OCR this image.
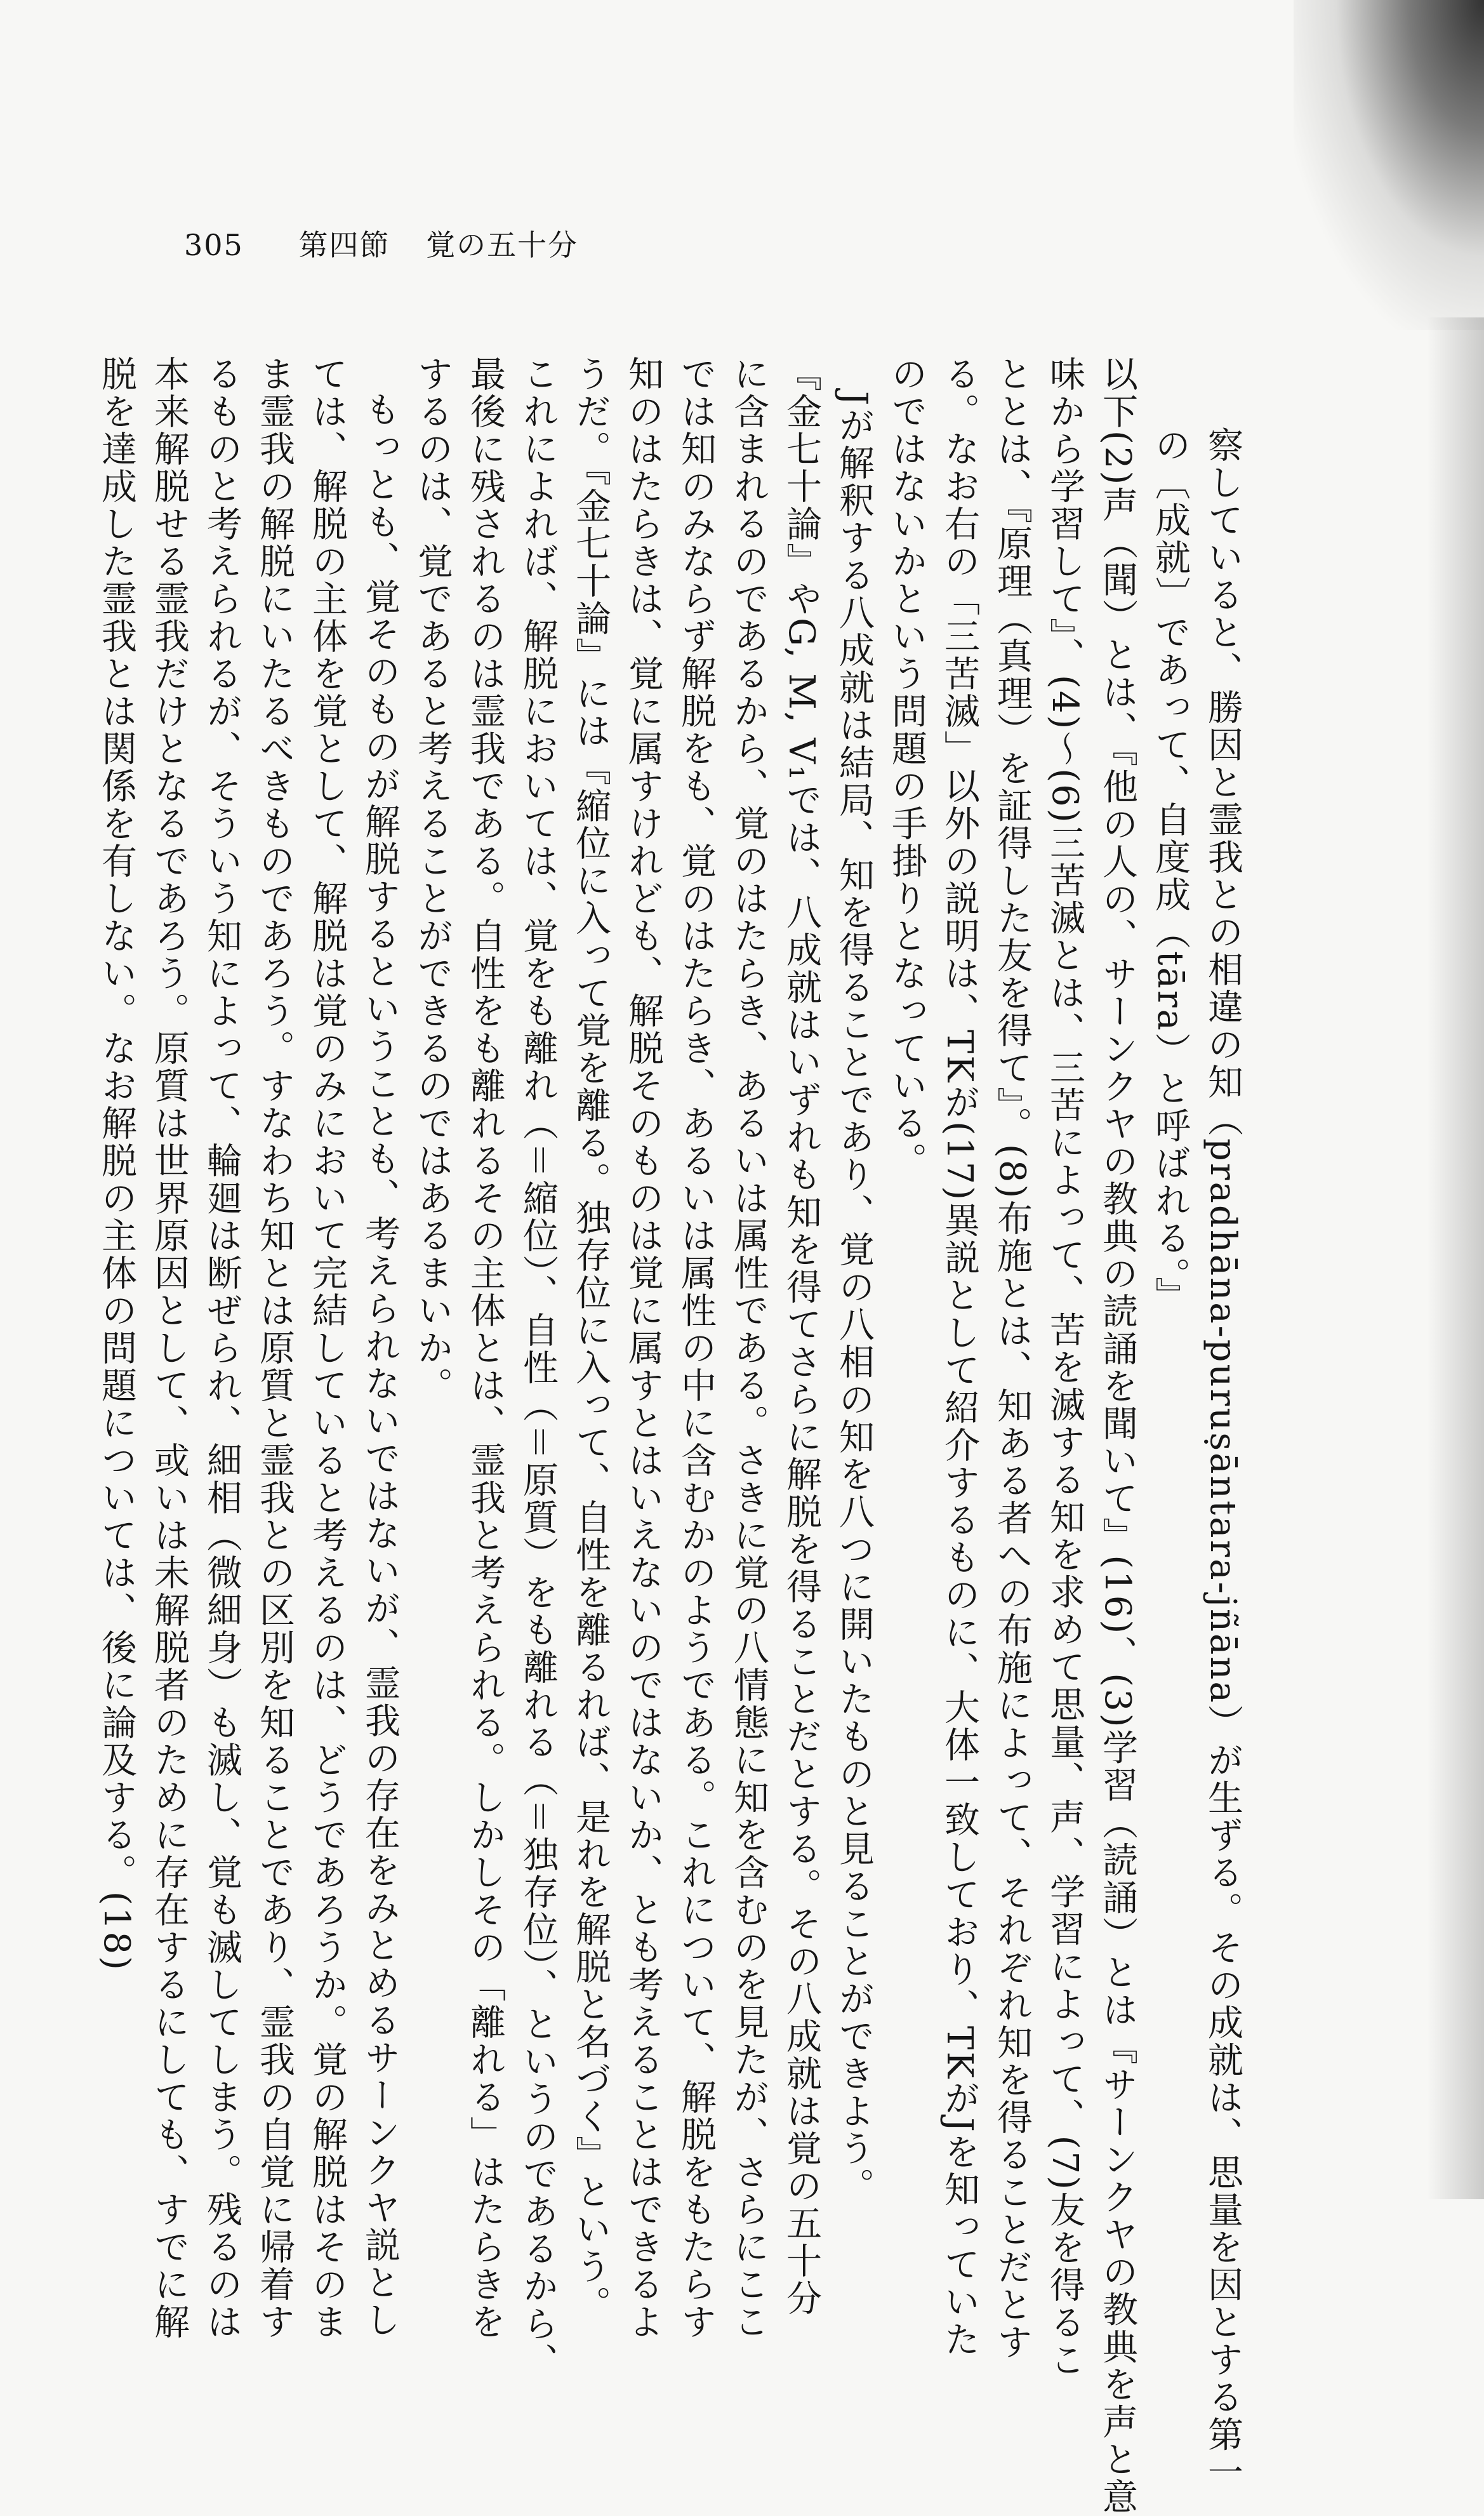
305 第四節 覚の五十分
察していると、勝因と霊我との相違の知（pradhāna-puruṣāntara-jñāna）が生ずる。その成就は、思量を因とする第一
の〔成就〕であって、自度成（tāra）と呼ばれる。』
以下(2)声（聞）とは、『他の人の、サーンクヤの教典の読誦を聞いて』(16)、(3)学習（読誦）とは『サーンクヤの教典を声と意
味から学習して』、(4)〜(6)三苦滅とは、三苦によって、苦を滅する知を求めて思量、声、学習によって、(7)友を得るこ
ととは、『原理（真理）を証得した友を得て』。(8)布施とは、知ある者への布施によって、それぞれ知を得ることだとす
る。なお右の「三苦滅」以外の説明は、TKが(17)異説として紹介するものに、大体一致しており、TKがJを知っていた
のではないかという問題の手掛りとなっている。
Jが解釈する八成就は結局、知を得ることであり、覚の八相の知を八つに開いたものと見ることができよう。
『金七十論』やG, M, V₁では、八成就はいずれも知を得てさらに解脱を得ることだとする。その八成就は覚の五十分
に含まれるのであるから、覚のはたらき、あるいは属性である。さきに覚の八情態に知を含むのを見たが、さらにここ
では知のみならず解脱をも、覚のはたらき、あるいは属性の中に含むかのようである。これについて、解脱をもたらす
知のはたらきは、覚に属すけれども、解脱そのものは覚に属すとはいえないのではないか、とも考えることはできるよ
うだ。『金七十論』には『縮位に入って覚を離る。独存位に入って、自性を離るれば、是れを解脱と名づく』という。
これによれば、解脱においては、覚をも離れ（＝縮位）、自性（＝原質）をも離れる（＝独存位）、というのであるから、
最後に残されるのは霊我である。自性をも離れるその主体とは、霊我と考えられる。しかしその「離れる」はたらきを
するのは、覚であると考えることができるのではあるまいか。
もっとも、覚そのものが解脱するということも、考えられないではないが、霊我の存在をみとめるサーンクヤ説とし
ては、解脱の主体を覚として、解脱は覚のみにおいて完結していると考えるのは、どうであろうか。覚の解脱はそのま
ま霊我の解脱にいたるべきものであろう。すなわち知とは原質と霊我との区別を知ることであり、霊我の自覚に帰着す
るものと考えられるが、そういう知によって、輪廻は断ぜられ、細相（微細身）も滅し、覚も滅してしまう。残るのは
本来解脱せる霊我だけとなるであろう。原質は世界原因として、或いは未解脱者のために存在するにしても、すでに解
脱を達成した霊我とは関係を有しない。なお解脱の主体の問題については、後に論及する。(18)
